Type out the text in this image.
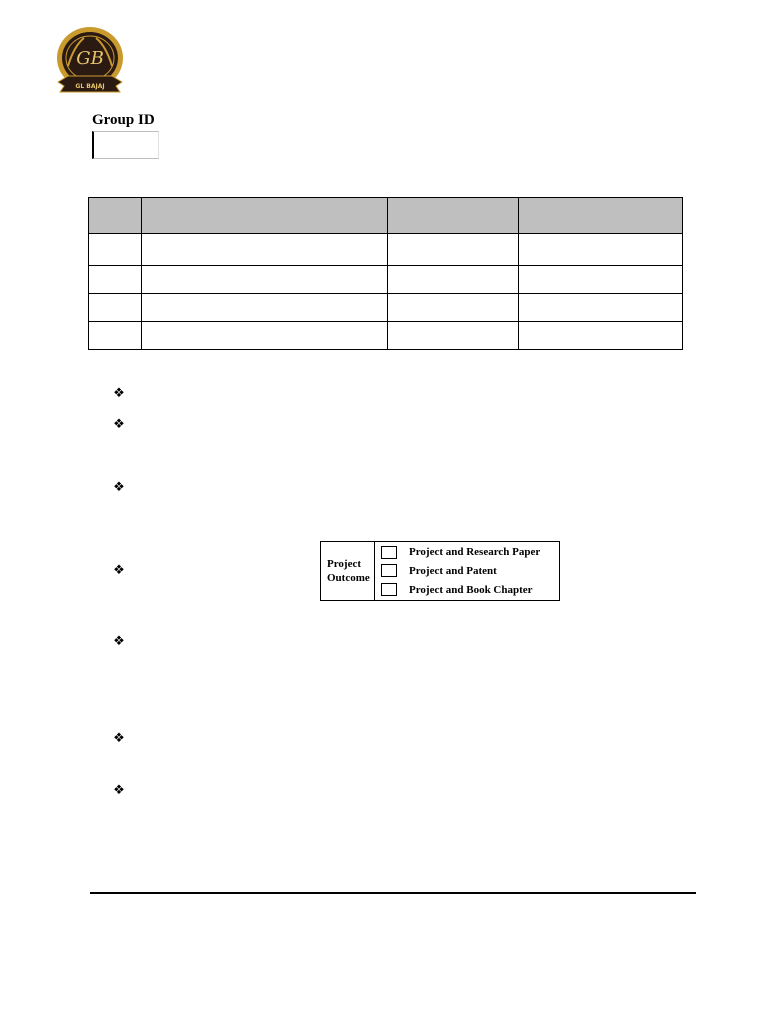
GB
GL BAJAJ
Group ID

❖
❖
❖
❖
❖
❖
❖
Project
Outcome
Project and Research Paper
Project and Patent
Project and Book Chapter
